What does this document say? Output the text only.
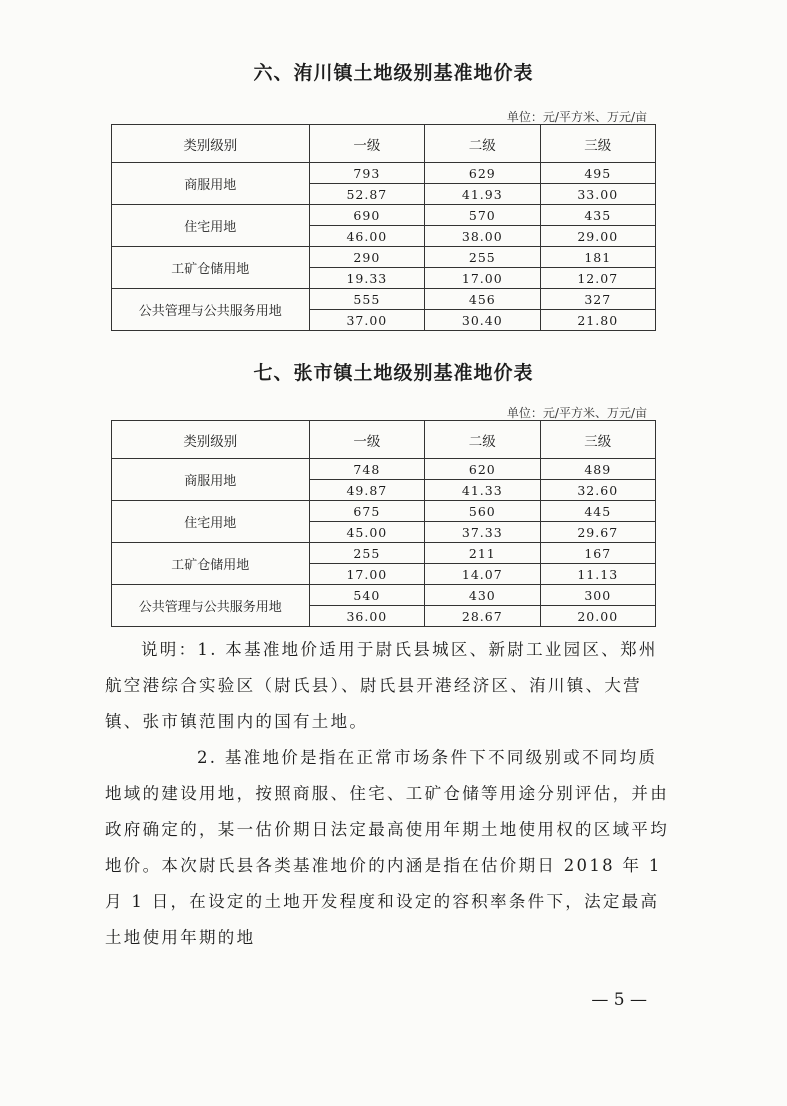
六、洧川镇土地级别基准地价表
单位：元/平方米、万元/亩
类别级别	一级	二级	三级
商服用地	793	629	495
	52.87	41.93	33.00
住宅用地	690	570	435
	46.00	38.00	29.00
工矿仓储用地	290	255	181
	19.33	17.00	12.07
公共管理与公共服务用地	555	456	327
	37.00	30.40	21.80
七、张市镇土地级别基准地价表
单位：元/平方米、万元/亩
类别级别	一级	二级	三级
商服用地	748	620	489
	49.87	41.33	32.60
住宅用地	675	560	445
	45.00	37.33	29.67
工矿仓储用地	255	211	167
	17.00	14.07	11.13
公共管理与公共服务用地	540	430	300
	36.00	28.67	20.00

说明：1. 本基准地价适用于尉氏县城区、新尉工业园区、郑州航空港综合实验区（尉氏县）、尉氏县开港经济区、洧川镇、大营镇、张市镇范围内的国有土地。

2. 基准地价是指在正常市场条件下不同级别或不同均质地域的建设用地，按照商服、住宅、工矿仓储等用途分别评估，并由政府确定的，某一估价期日法定最高使用年期土地使用权的区域平均地价。本次尉氏县各类基准地价的内涵是指在估价期日 2018 年 1 月 1 日，在设定的土地开发程度和设定的容积率条件下，法定最高土地使用年期的地

— 5 —
